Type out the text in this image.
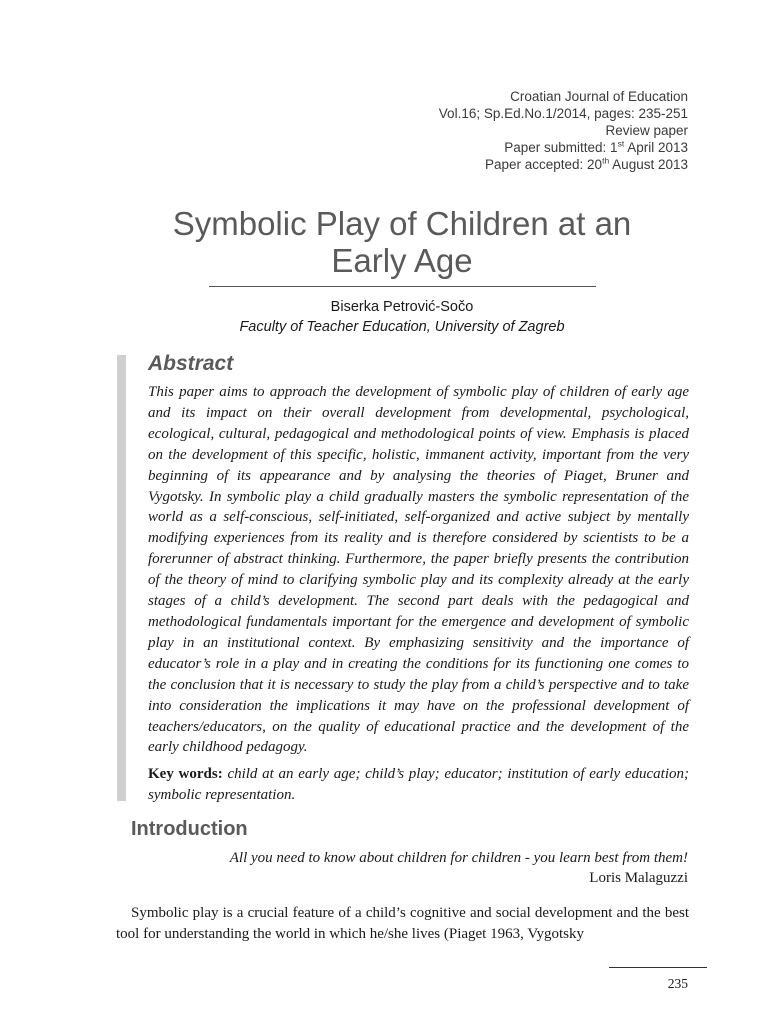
Croatian Journal of Education
Vol.16; Sp.Ed.No.1/2014, pages: 235-251
Review paper
Paper submitted: 1st April 2013
Paper accepted: 20th August 2013
Symbolic Play of Children at an
Early Age
Biserka Petrović-Sočo
Faculty of Teacher Education, University of Zagreb
Abstract

This paper aims to approach the development of symbolic play of children of early age and its impact on their overall development from developmental, psychological, ecological, cultural, pedagogical and methodological points of view. Emphasis is placed on the development of this specific, holistic, immanent activity, important from the very beginning of its appearance and by analysing the theories of Piaget, Bruner and Vygotsky. In symbolic play a child gradually masters the symbolic representation of the world as a self-conscious, self-initiated, self-organized and active subject by mentally modifying experiences from its reality and is therefore considered by scientists to be a forerunner of abstract thinking. Furthermore, the paper briefly presents the contribution of the theory of mind to clarifying symbolic play and its complexity already at the early stages of a child’s development. The second part deals with the pedagogical and methodological fundamentals important for the emergence and development of symbolic play in an institutional context. By emphasizing sensitivity and the importance of educator’s role in a play and in creating the conditions for its functioning one comes to the conclusion that it is necessary to study the play from a child’s perspective and to take into consideration the implications it may have on the professional development of teachers/educators, on the quality of educational practice and the development of the early childhood pedagogy.

Key words: child at an early age; child’s play; educator; institution of early education; symbolic representation.

Introduction
All you need to know about children for children - you learn best from them!
Loris Malaguzzi

Symbolic play is a crucial feature of a child’s cognitive and social development and the best tool for understanding the world in which he/she lives (Piaget 1963, Vygotsky

235
